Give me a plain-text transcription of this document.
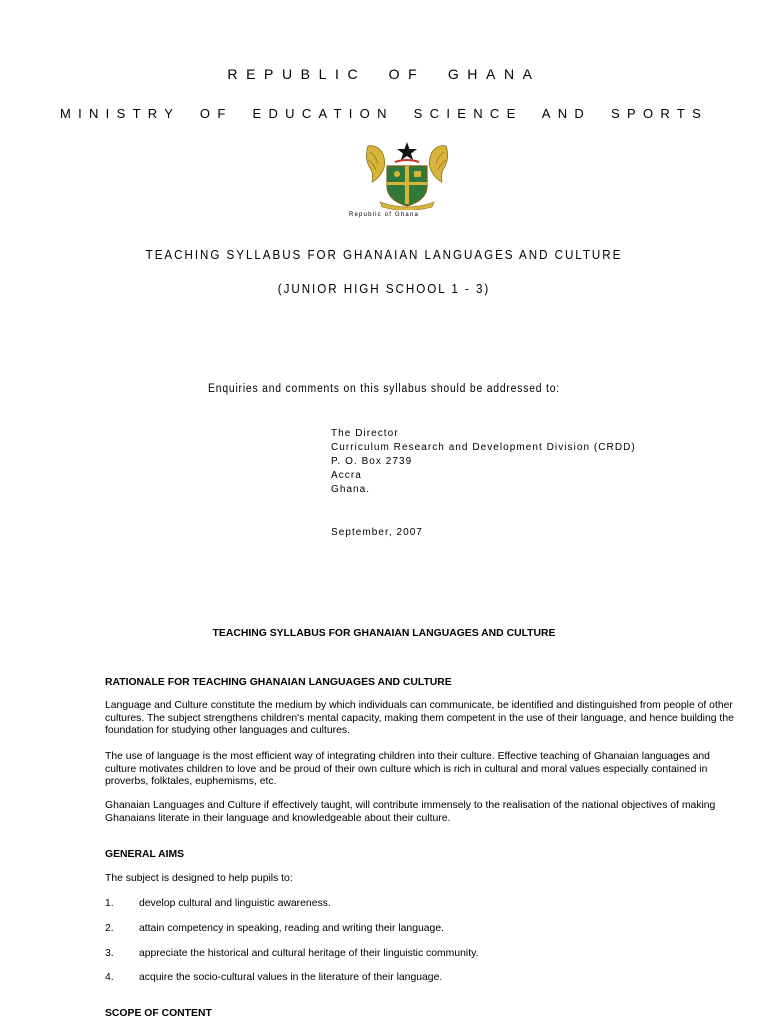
REPUBLIC OF GHANA
MINISTRY OF EDUCATION SCIENCE AND SPORTS
Republic of Ghana
TEACHING SYLLABUS FOR GHANAIAN LANGUAGES AND CULTURE
(JUNIOR HIGH SCHOOL 1 - 3)
Enquiries and comments on this syllabus should be addressed to:
The Director
Curriculum Research and Development Division (CRDD)
P. O. Box 2739
Accra
Ghana.
September, 2007
TEACHING SYLLABUS FOR GHANAIAN LANGUAGES AND CULTURE
RATIONALE FOR TEACHING GHANAIAN LANGUAGES AND CULTURE
Language and Culture constitute the medium by which individuals can communicate, be identified and distinguished from people of other cultures. The subject strengthens children's mental capacity, making them competent in the use of their language, and hence building the foundation for studying other languages and cultures.
The use of language is the most efficient way of integrating children into their culture. Effective teaching of Ghanaian languages and culture motivates children to love and be proud of their own culture which is rich in cultural and moral values especially contained in proverbs, folktales, euphemisms, etc.
Ghanaian Languages and Culture if effectively taught, will contribute immensely to the realisation of the national objectives of making Ghanaians literate in their language and knowledgeable about their culture.
GENERAL AIMS
The subject is designed to help pupils to:
1. develop cultural and linguistic awareness.
2. attain competency in speaking, reading and writing their language.
3. appreciate the historical and cultural heritage of their linguistic community.
4. acquire the socio-cultural values in the literature of their language.
SCOPE OF CONTENT
